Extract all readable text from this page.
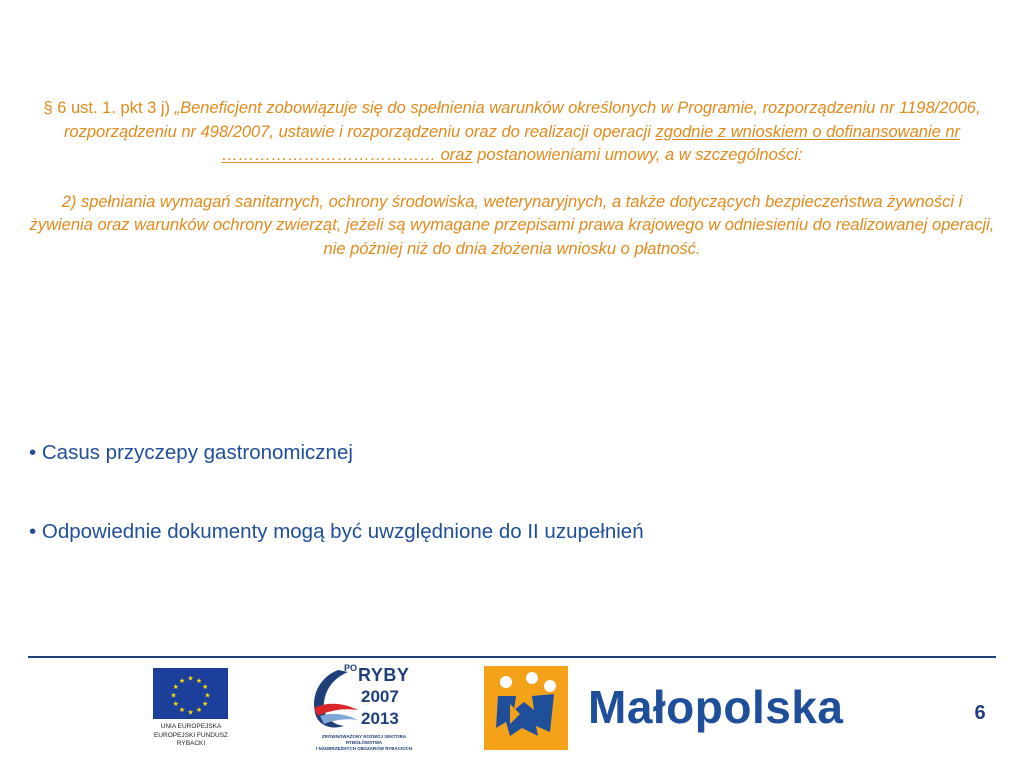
§ 6 ust. 1. pkt 3 j) „Beneficjent zobowiązuje się do spełnienia warunków określonych w Programie, rozporządzeniu nr 1198/2006, rozporządzeniu nr 498/2007, ustawie i rozporządzeniu oraz do realizacji operacji zgodnie z wnioskiem o dofinansowanie nr ………………………………… oraz postanowieniami umowy, a w szczególności:

2) spełniania wymagań sanitarnych, ochrony środowiska, weterynaryjnych, a także dotyczących bezpieczeństwa żywności i żywienia oraz warunków ochrony zwierząt, jeżeli są wymagane przepisami prawa krajowego w odniesieniu do realizowanej operacji, nie później niż do dnia złożenia wniosku o płatność.

• Casus przyczepy gastronomicznej

• Odpowiednie dokumenty mogą być uwzględnione do II uzupełnień

★ ★
★
★
★
★
★
★
★
★
★
★
UNIA EUROPEJSKA
EUROPEJSKI FUNDUSZ
RYBACKI
PO RYBY
2007
2013
ZRÓWNOWAŻONY ROZWÓJ SEKTORA RYBOŁÓWSTWA
I NADBRZEŻNYCH OBSZARÓW RYBACKICH
Małopolska	6
